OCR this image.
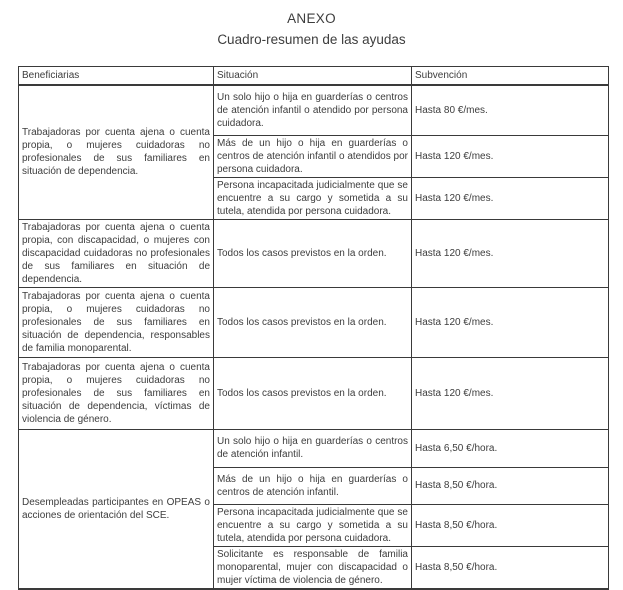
ANEXO
Cuadro-resumen de las ayudas
Beneficiarias	Situación	Subvención
Trabajadoras por cuenta ajena o cuenta propia, o mujeres cuidadoras no profesionales de sus familiares en situación de dependencia.	Un solo hijo o hija en guarderías o centros de atención infantil o atendido por persona cuidadora.	Hasta 80 €/mes.
	Más de un hijo o hija en guarderías o centros de atención infantil o atendidos por persona cuidadora.	Hasta 120 €/mes.
	Persona incapacitada judicialmente que se encuentre a su cargo y sometida a su tutela, atendida por persona cuidadora.	Hasta 120 €/mes.
Trabajadoras por cuenta ajena o cuenta propia, con discapacidad, o mujeres con discapacidad cuidadoras no profesionales de sus familiares en situación de dependencia.	Todos los casos previstos en la orden.	Hasta 120 €/mes.
Trabajadoras por cuenta ajena o cuenta propia, o mujeres cuidadoras no profesionales de sus familiares en situación de dependencia, responsables de familia monoparental.	Todos los casos previstos en la orden.	Hasta 120 €/mes.
Trabajadoras por cuenta ajena o cuenta propia, o mujeres cuidadoras no profesionales de sus familiares en situación de dependencia, víctimas de violencia de género.	Todos los casos previstos en la orden.	Hasta 120 €/mes.
Desempleadas participantes en OPEAS o acciones de orientación del SCE.	Un solo hijo o hija en guarderías o centros de atención infantil.	Hasta 6,50 €/hora.
	Más de un hijo o hija en guarderías o centros de atención infantil.	Hasta 8,50 €/hora.
	Persona incapacitada judicialmente que se encuentre a su cargo y sometida a su tutela, atendida por persona cuidadora.	Hasta 8,50 €/hora.
	Solicitante es responsable de familia monoparental, mujer con discapacidad o mujer víctima de violencia de género.	Hasta 8,50 €/hora.
